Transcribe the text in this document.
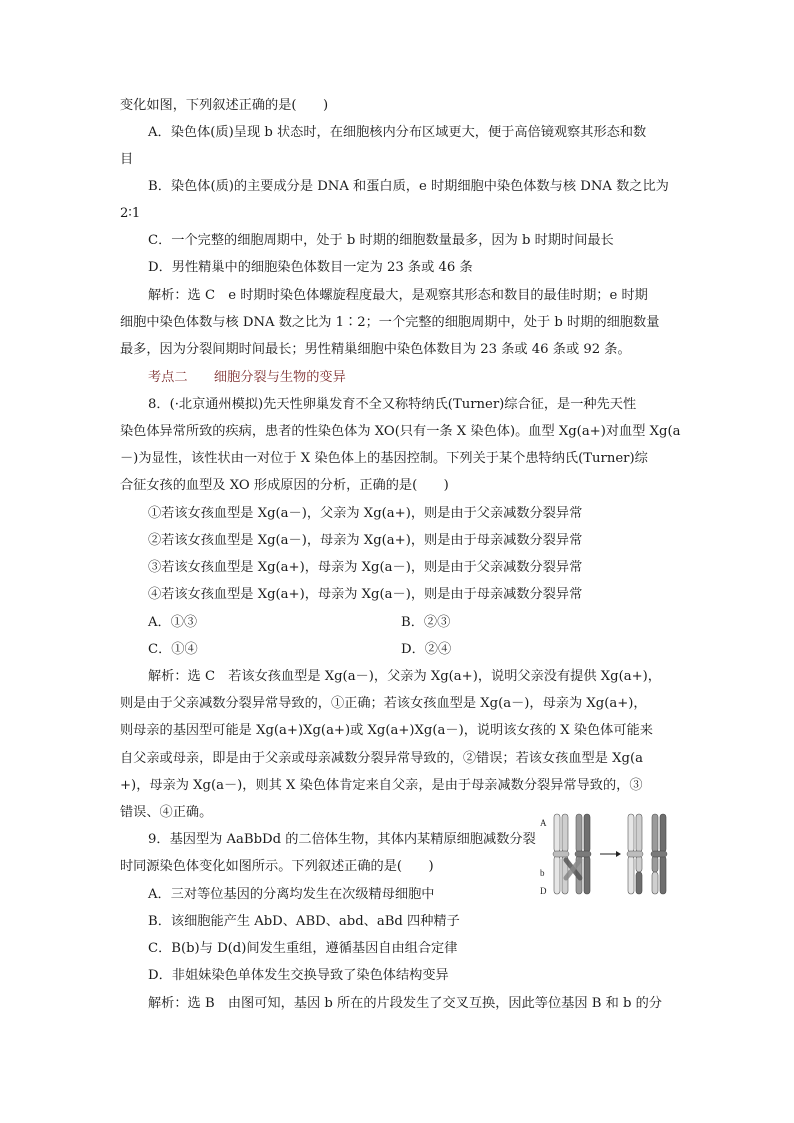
变化如图，下列叙述正确的是(　　)
A．染色体(质)呈现 b 状态时，在细胞核内分布区域更大，便于高倍镜观察其形态和数
目
B．染色体(质)的主要成分是 DNA 和蛋白质，e 时期细胞中染色体数与核 DNA 数之比为
2∶1
C．一个完整的细胞周期中，处于 b 时期的细胞数量最多，因为 b 时期时间最长
D．男性精巢中的细胞染色体数目一定为 23 条或 46 条
解析：选 C　e 时期时染色体螺旋程度最大，是观察其形态和数目的最佳时期；e 时期
细胞中染色体数与核 DNA 数之比为 1∶2；一个完整的细胞周期中，处于 b 时期的细胞数量
最多，因为分裂间期时间最长；男性精巢细胞中染色体数目为 23 条或 46 条或 92 条。
考点二　　细胞分裂与生物的变异
8．(·北京通州模拟)先天性卵巢发育不全又称特纳氏(Turner)综合征，是一种先天性
染色体异常所致的疾病，患者的性染色体为 XO(只有一条 X 染色体)。血型 Xg(a+)对血型 Xg(a
－)为显性，该性状由一对位于 X 染色体上的基因控制。下列关于某个患特纳氏(Turner)综
合征女孩的血型及 XO 形成原因的分析，正确的是(　　)
①若该女孩血型是 Xg(a－)，父亲为 Xg(a+)，则是由于父亲减数分裂异常
②若该女孩血型是 Xg(a－)，母亲为 Xg(a+)，则是由于母亲减数分裂异常
③若该女孩血型是 Xg(a+)，母亲为 Xg(a－)，则是由于父亲减数分裂异常
④若该女孩血型是 Xg(a+)，母亲为 Xg(a－)，则是由于母亲减数分裂异常
A．①③	B．②③
C．①④	D．②④
解析：选 C　若该女孩血型是 Xg(a－)，父亲为 Xg(a+)，说明父亲没有提供 Xg(a+)，
则是由于父亲减数分裂异常导致的，①正确；若该女孩血型是 Xg(a－)，母亲为 Xg(a+)，
则母亲的基因型可能是 Xg(a+)Xg(a+)或 Xg(a+)Xg(a－)，说明该女孩的 X 染色体可能来
自父亲或母亲，即是由于父亲或母亲减数分裂异常导致的，②错误；若该女孩血型是 Xg(a
+)，母亲为 Xg(a－)，则其 X 染色体肯定来自父亲，是由于母亲减数分裂异常导致的，③
错误、④正确。
9．基因型为 AaBbDd 的二倍体生物，其体内某精原细胞减数分裂
时同源染色体变化如图所示。下列叙述正确的是(　　)
A．三对等位基因的分离均发生在次级精母细胞中
B．该细胞能产生 AbD、ABD、abd、aBd 四种精子
C．B(b)与 D(d)间发生重组，遵循基因自由组合定律
D．非姐妹染色单体发生交换导致了染色体结构变异
解析：选 B　由图可知，基因 b 所在的片段发生了交叉互换，因此等位基因 B 和 b 的分
A
b
D
